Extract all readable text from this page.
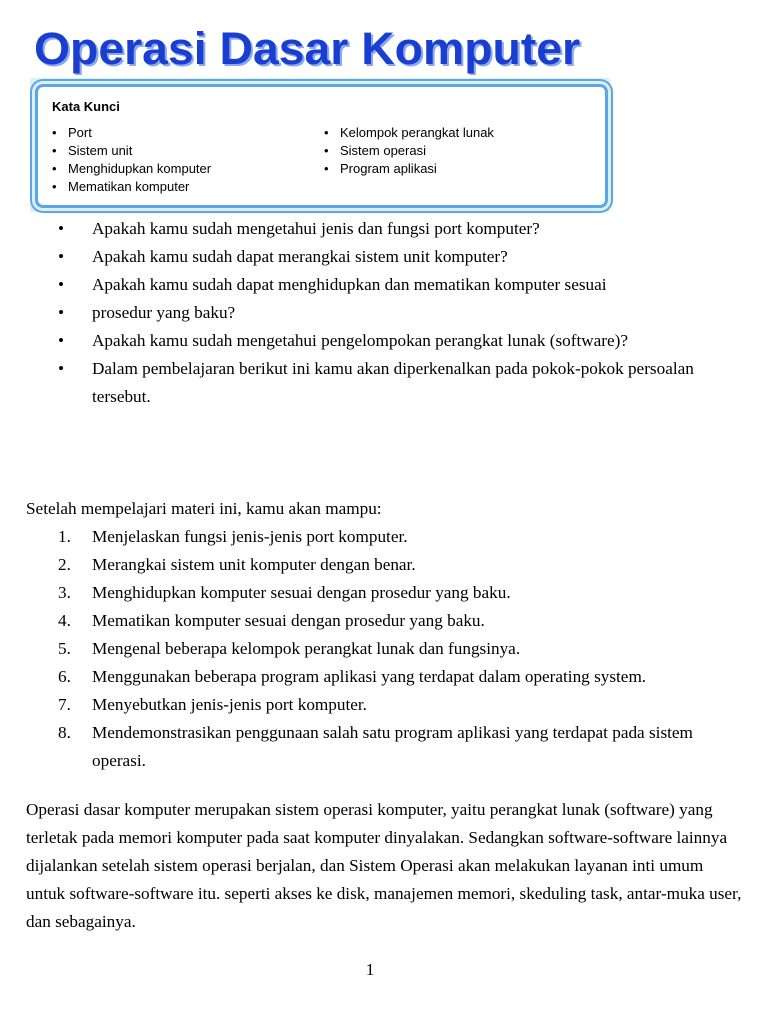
Operasi Dasar Komputer
Kata Kunci
• Port
• Sistem unit
• Menghidupkan komputer
• Mematikan komputer
• Kelompok perangkat lunak
• Sistem operasi
• Program aplikasi
• Apakah kamu sudah mengetahui jenis dan fungsi port komputer?
• Apakah kamu sudah dapat merangkai sistem unit komputer?
• Apakah kamu sudah dapat menghidupkan dan mematikan komputer sesuai
• prosedur yang baku?
• Apakah kamu sudah mengetahui pengelompokan perangkat lunak (software)?
• Dalam pembelajaran berikut ini kamu akan diperkenalkan pada pokok-pokok persoalan tersebut.
Setelah mempelajari materi ini, kamu akan mampu:
1. Menjelaskan fungsi jenis-jenis port komputer.
2. Merangkai sistem unit komputer dengan benar.
3. Menghidupkan komputer sesuai dengan prosedur yang baku.
4. Mematikan komputer sesuai dengan prosedur yang baku.
5. Mengenal beberapa kelompok perangkat lunak dan fungsinya.
6. Menggunakan beberapa program aplikasi yang terdapat dalam operating system.
7. Menyebutkan jenis-jenis port komputer.
8. Mendemonstrasikan penggunaan salah satu program aplikasi yang terdapat pada sistem operasi.
Operasi dasar komputer merupakan sistem operasi komputer, yaitu perangkat lunak (software) yang terletak pada memori komputer pada saat komputer dinyalakan. Sedangkan software-software lainnya dijalankan setelah sistem operasi berjalan, dan Sistem Operasi akan melakukan layanan inti umum untuk software-software itu. seperti akses ke disk, manajemen memori, skeduling task, antar-muka user, dan sebagainya.
1
